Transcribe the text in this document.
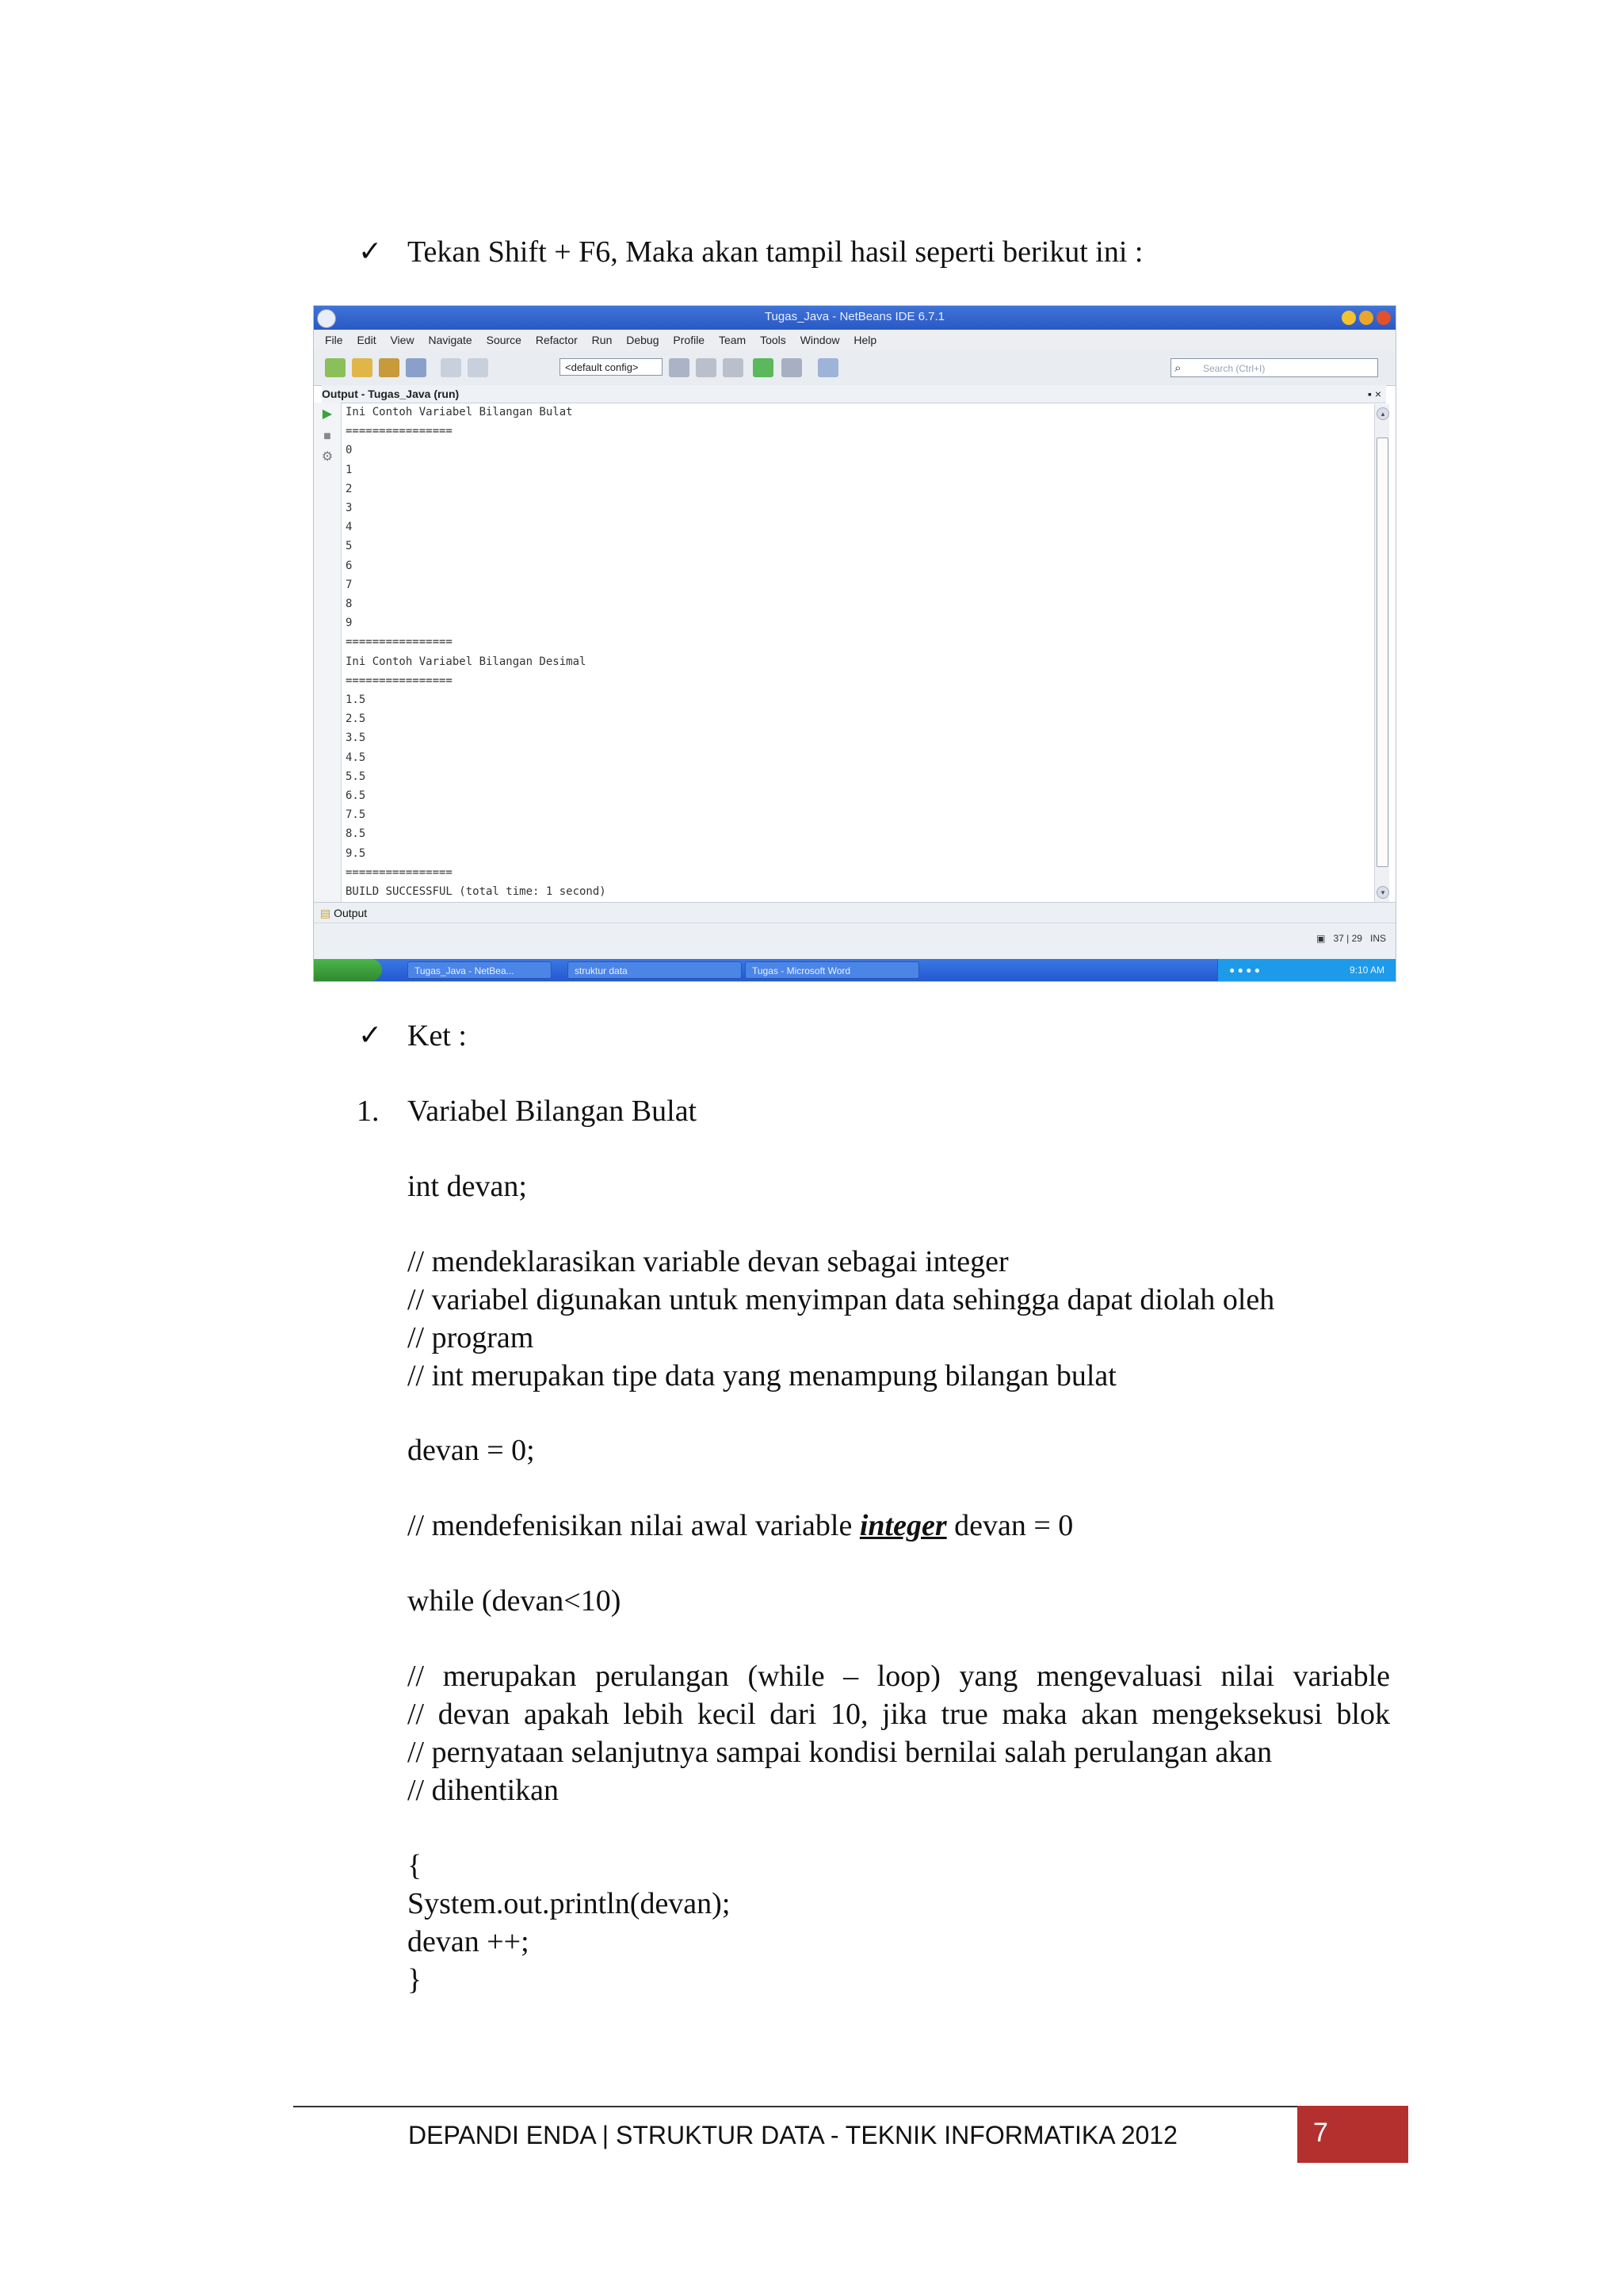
✓ Tekan Shift + F6, Maka akan tampil hasil seperti berikut ini :
Tugas_Java - NetBeans IDE 6.7.1
File Edit View Navigate Source Refactor Run Debug Profile Team Tools Window Help
<default config>	⌕ Search (Ctrl+I)
Output - Tugas_Java (run)	▪ ×
▶
■
⚙
Ini Contoh Variabel Bilangan Bulat
================
0
1
2
3
4
5
6
7
8
9
================
Ini Contoh Variabel Bilangan Desimal
================
1.5
2.5
3.5
4.5
5.5
6.5
7.5
8.5
9.5
================
BUILD SUCCESSFUL (total time: 1 second)
▴
▾
▤ Output
▣ 37 | 29 INS
Tugas_Java - NetBea...	struktur data	Tugas - Microsoft Word	● ● ● ●	9:10 AM
✓ Ket :
1. Variabel Bilangan Bulat
int devan;
// mendeklarasikan variable devan sebagai integer
// variabel digunakan untuk menyimpan data sehingga dapat diolah oleh
// program
// int merupakan tipe data yang menampung bilangan bulat
devan = 0;
// mendefenisikan nilai awal variable integer devan = 0
while (devan<10)
// merupakan perulangan (while – loop) yang mengevaluasi nilai variable
// devan apakah lebih kecil dari 10, jika true maka akan mengeksekusi blok
// pernyataan selanjutnya sampai kondisi bernilai salah perulangan akan
// dihentikan
{
System.out.println(devan);
devan ++;
}
DEPANDI ENDA | STRUKTUR DATA - TEKNIK INFORMATIKA 2012	7
